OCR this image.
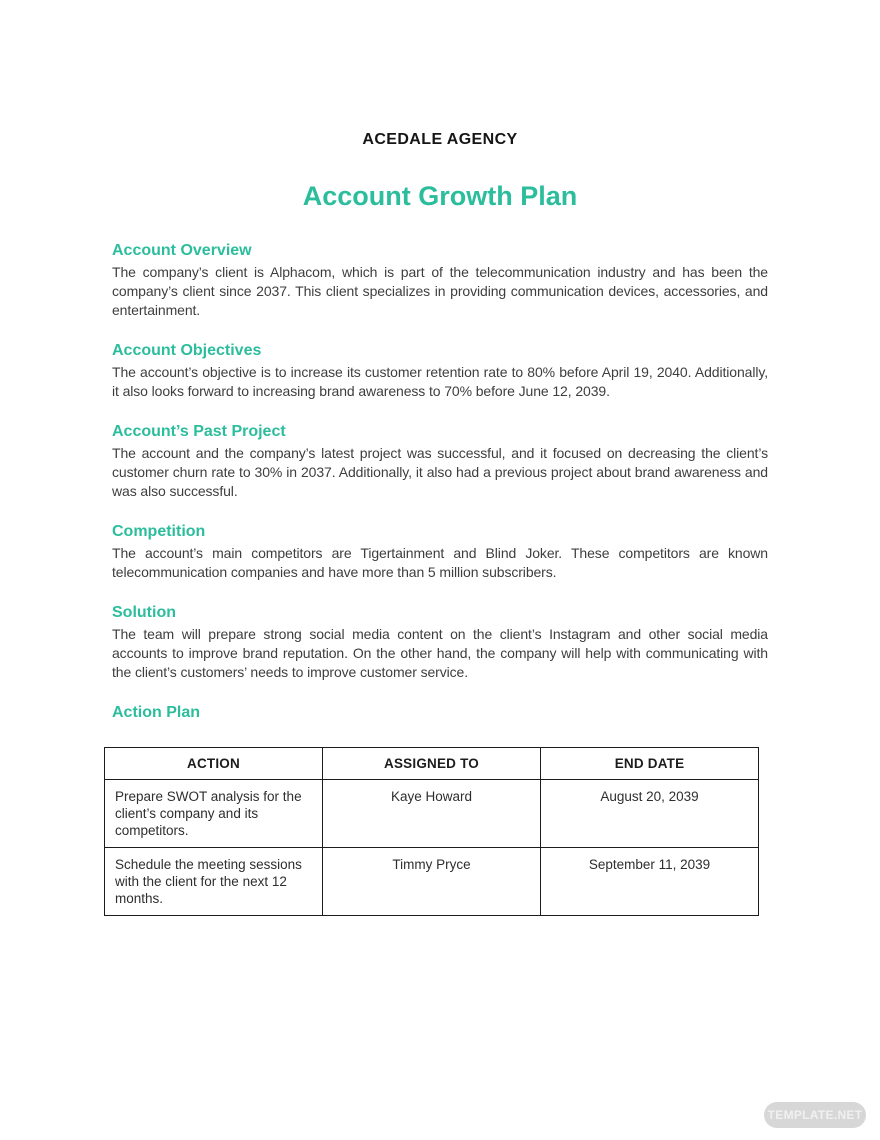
ACEDALE AGENCY
Account Growth Plan
Account Overview
The company’s client is Alphacom, which is part of the telecommunication industry and has been the company’s client since 2037. This client specializes in providing communication devices, accessories, and entertainment.
Account Objectives
The account’s objective is to increase its customer retention rate to 80% before April 19, 2040. Additionally, it also looks forward to increasing brand awareness to 70% before June 12, 2039.
Account’s Past Project
The account and the company’s latest project was successful, and it focused on decreasing the client’s customer churn rate to 30% in 2037. Additionally, it also had a previous project about brand awareness and was also successful.
Competition
The account’s main competitors are Tigertainment and Blind Joker. These competitors are known telecommunication companies and have more than 5 million subscribers.
Solution
The team will prepare strong social media content on the client’s Instagram and other social media accounts to improve brand reputation. On the other hand, the company will help with communicating with the client’s customers’ needs to improve customer service.
Action Plan
ACTION	ASSIGNED TO	END DATE
Prepare SWOT analysis for the client’s company and its competitors.	Kaye Howard	August 20, 2039
Schedule the meeting sessions with the client for the next 12 months.	Timmy Pryce	September 11, 2039
TEMPLATE.NET
